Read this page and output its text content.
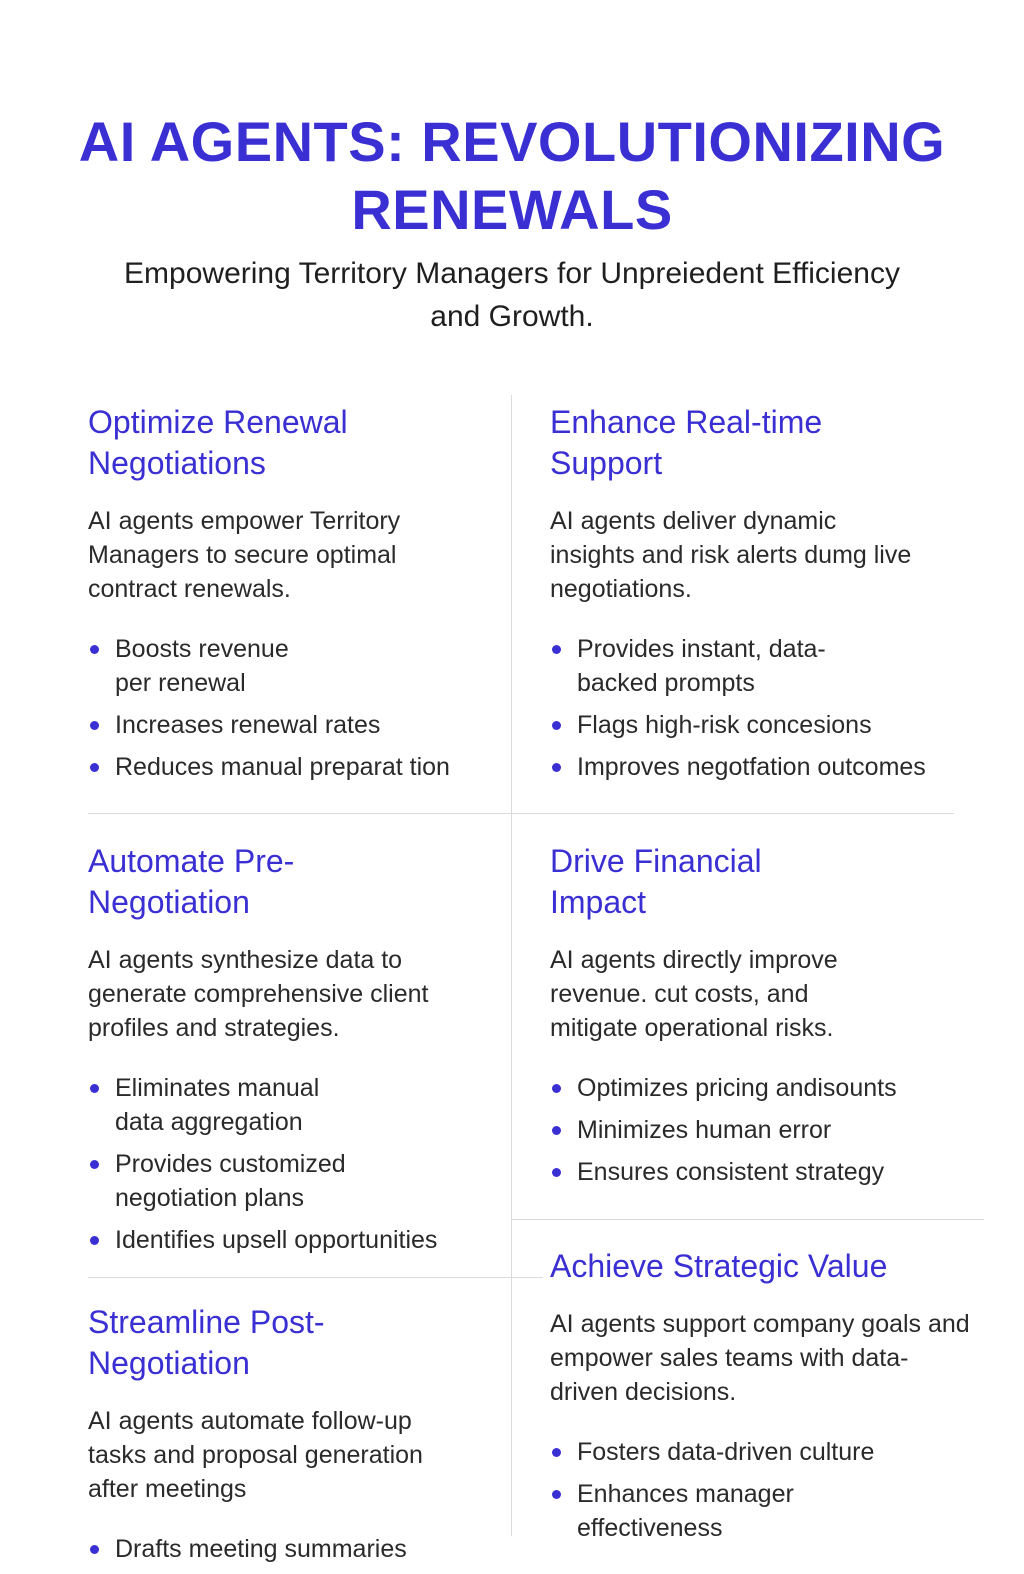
AI AGENTS: REVOLUTIONIZING RENEWALS

Empowering Territory Managers for Unpreiedent Efficiency and Growth.

Optimize Renewal Negotiations

AI agents empower Territory Managers to secure optimal contract renewals.

Boosts revenue per renewal
Increases renewal rates
Reduces manual preparat tion
Enhance Real-time Support

AI agents deliver dynamic insights and risk alerts dumg live negotiations.

Provides instant, data-backed prompts
Flags high-risk concesions
Improves negotfation outcomes
Automate Pre-Negotiation

AI agents synthesize data to generate comprehensive client profiles and strategies.

Eliminates manual data aggregation
Provides customized negotiation plans
Identifies upsell opportunities
Drive Financial Impact

AI agents directly improve revenue. cut costs, and mitigate operational risks.

Optimizes pricing andisounts
Minimizes human error
Ensures consistent strategy
Streamline Post-Negotiation

AI agents automate follow-up tasks and proposal generation after meetings

Drafts meeting summaries
Achieve Strategic Value

AI agents support company goals and empower sales teams with data-driven decisions.

Fosters data-driven culture
Enhances manager effectiveness
